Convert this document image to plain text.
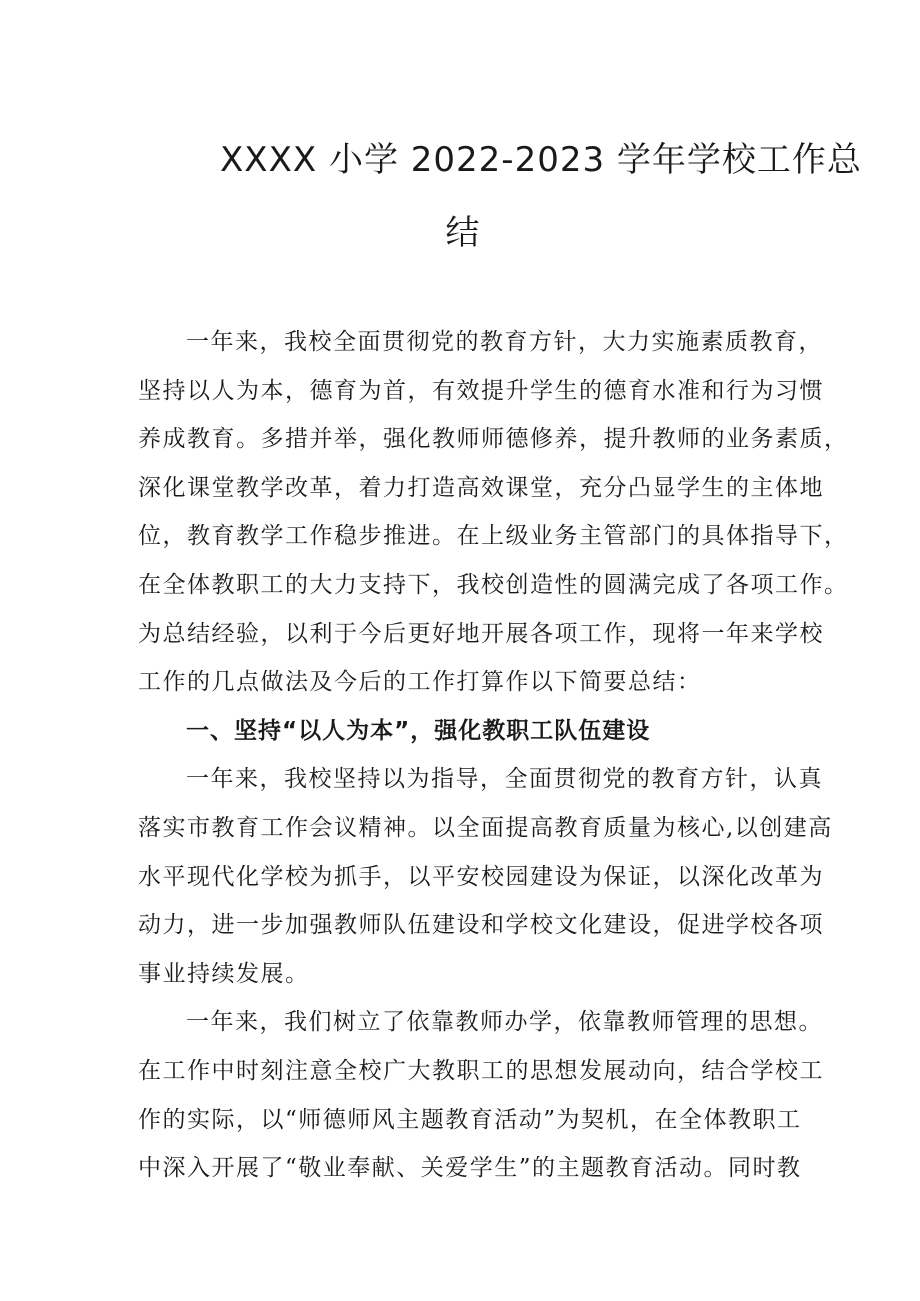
XXXX 小学 2022-2023 学年学校工作总
结
一年来，我校全面贯彻党的教育方针，大力实施素质教育，
坚持以人为本，德育为首，有效提升学生的德育水准和行为习惯
养成教育。多措并举，强化教师师德修养，提升教师的业务素质，
深化课堂教学改革，着力打造高效课堂，充分凸显学生的主体地
位，教育教学工作稳步推进。在上级业务主管部门的具体指导下，
在全体教职工的大力支持下，我校创造性的圆满完成了各项工作。
为总结经验，以利于今后更好地开展各项工作，现将一年来学校
工作的几点做法及今后的工作打算作以下简要总结：
一、坚持“以人为本”，强化教职工队伍建设
一年来，我校坚持以为指导，全面贯彻党的教育方针，认真
落实市教育工作会议精神。以全面提高教育质量为核心,以创建高
水平现代化学校为抓手，以平安校园建设为保证，以深化改革为
动力，进一步加强教师队伍建设和学校文化建设，促进学校各项
事业持续发展。
一年来，我们树立了依靠教师办学，依靠教师管理的思想。
在工作中时刻注意全校广大教职工的思想发展动向，结合学校工
作的实际，以“师德师风主题教育活动”为契机，在全体教职工
中深入开展了“敬业奉献、关爱学生”的主题教育活动。同时教
